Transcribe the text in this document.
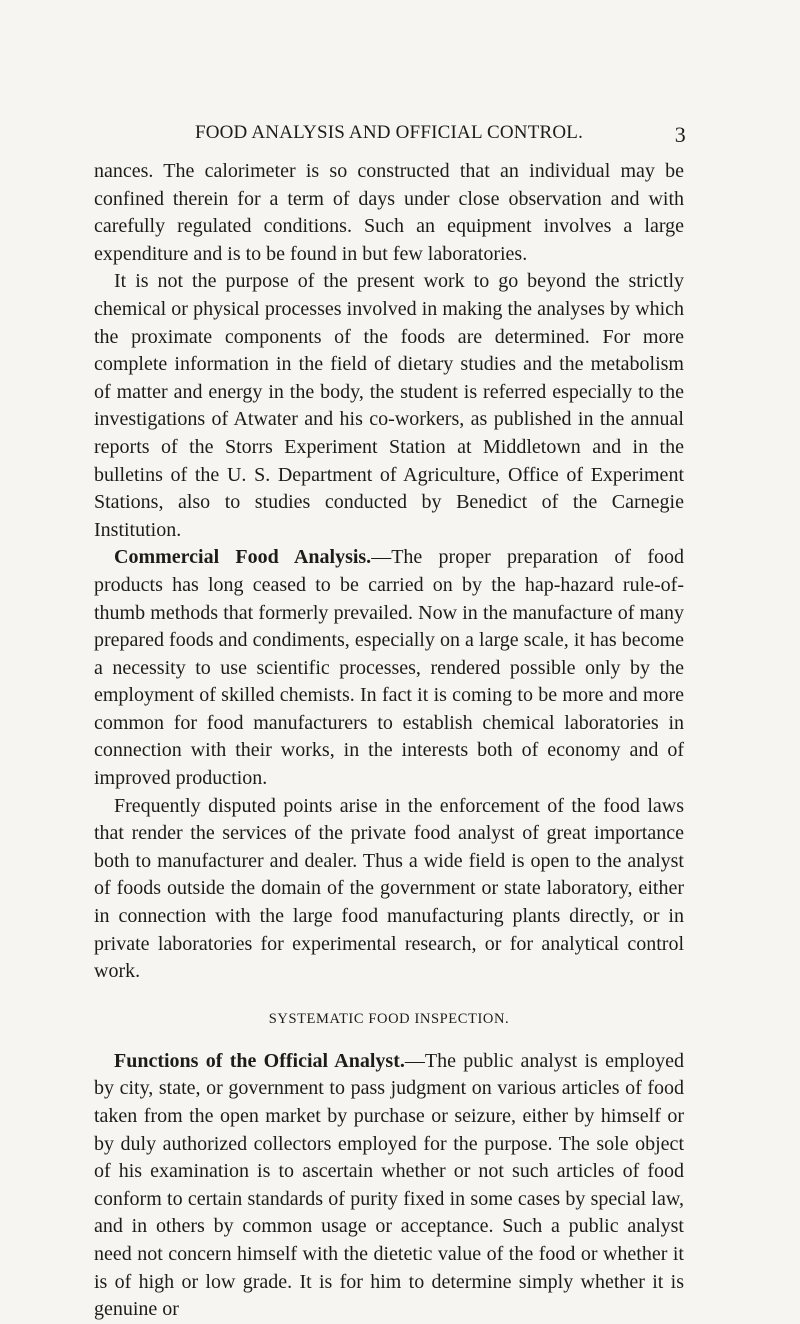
FOOD ANALYSIS AND OFFICIAL CONTROL.	3

nances. The calorimeter is so constructed that an individual may be confined therein for a term of days under close observation and with carefully regulated conditions. Such an equipment involves a large expenditure and is to be found in but few laboratories.

It is not the purpose of the present work to go beyond the strictly chemical or physical processes involved in making the analyses by which the proximate components of the foods are determined. For more complete information in the field of dietary studies and the metabolism of matter and energy in the body, the student is referred especially to the investigations of Atwater and his co-workers, as published in the annual reports of the Storrs Experiment Station at Middletown and in the bulletins of the U. S. Department of Agriculture, Office of Experiment Stations, also to studies conducted by Benedict of the Carnegie Institution.

Commercial Food Analysis.—The proper preparation of food products has long ceased to be carried on by the hap-hazard rule-of-thumb methods that formerly prevailed. Now in the manufacture of many prepared foods and condiments, especially on a large scale, it has become a necessity to use scientific processes, rendered possible only by the employment of skilled chemists. In fact it is coming to be more and more common for food manufacturers to establish chemical laboratories in connection with their works, in the interests both of economy and of improved production.

Frequently disputed points arise in the enforcement of the food laws that render the services of the private food analyst of great importance both to manufacturer and dealer. Thus a wide field is open to the analyst of foods outside the domain of the government or state laboratory, either in connection with the large food manufacturing plants directly, or in private laboratories for experimental research, or for analytical control work.

SYSTEMATIC FOOD INSPECTION.

Functions of the Official Analyst.—The public analyst is employed by city, state, or government to pass judgment on various articles of food taken from the open market by purchase or seizure, either by himself or by duly authorized collectors employed for the purpose. The sole object of his examination is to ascertain whether or not such articles of food conform to certain standards of purity fixed in some cases by special law, and in others by common usage or acceptance. Such a public analyst need not concern himself with the dietetic value of the food or whether it is of high or low grade. It is for him to determine simply whether it is genuine or
